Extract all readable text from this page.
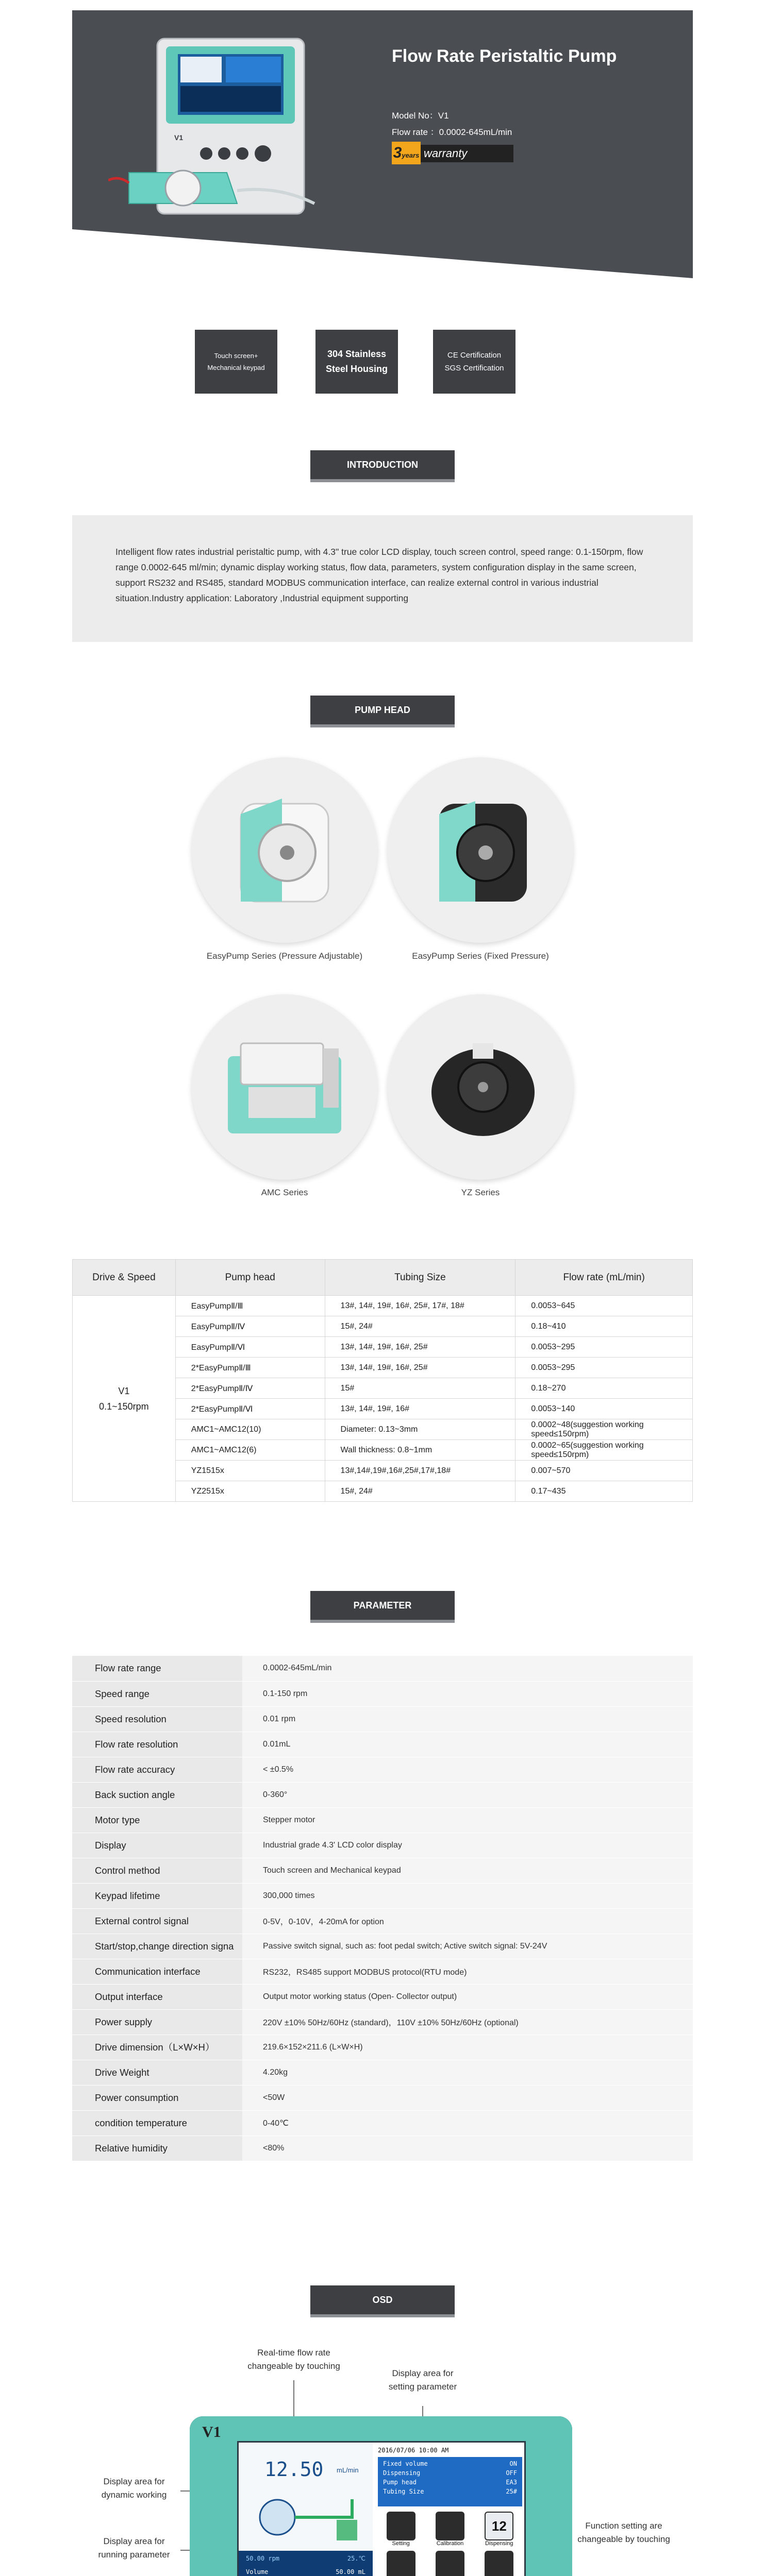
V1
Flow Rate Peristaltic Pump
Model No：V1
Flow rate ：0.0002-645mL/min
3years warranty
Touch screen+
Mechanical keypad
304 Stainless
Steel Housing
CE Certification
SGS Certification
INTRODUCTION
Intelligent flow rates industrial peristaltic pump, with 4.3" true color LCD display, touch screen control, speed range: 0.1-150rpm, flow range 0.0002-645 ml/min; dynamic display working status, flow data, parameters, system configuration display in the same screen, support RS232 and RS485, standard MODBUS communication interface, can realize external control in various industrial situation.Industry application: Laboratory ,Industrial equipment supporting
PUMP HEAD
EasyPump Series (Pressure Adjustable)	EasyPump Series (Fixed Pressure)
AMC Series	YZ Series
Drive & Speed	Pump head	Tubing Size	Flow rate (mL/min)

V1
0.1~150rpm	EasyPumpⅡ/Ⅲ	13#, 14#, 19#, 16#, 25#, 17#, 18#	0.0053~645
	EasyPumpⅡ/Ⅳ	15#, 24#	0.18~410
	EasyPumpⅡ/Ⅵ	13#, 14#, 19#, 16#, 25#	0.0053~295
	2*EasyPumpⅡ/Ⅲ	13#, 14#, 19#, 16#, 25#	0.0053~295
	2*EasyPumpⅡ/Ⅳ	15#	0.18~270
	2*EasyPumpⅡ/Ⅵ	13#, 14#, 19#, 16#	0.0053~140
	AMC1~AMC12(10)	Diameter: 0.13~3mm	0.0002~48(suggestion working speed≤150rpm)
	AMC1~AMC12(6)	Wall thickness: 0.8~1mm	0.0002~65(suggestion working speed≤150rpm)
	YZ1515x	13#,14#,19#,16#,25#,17#,18#	0.007~570
	YZ2515x	15#, 24#	0.17~435
PARAMETER
Flow rate range	0.0002-645mL/min
Speed range	0.1-150 rpm
Speed resolution	0.01 rpm
Flow rate resolution	0.01mL
Flow rate accuracy	< ±0.5%
Back suction angle	0-360°
Motor type	Stepper motor
Display	Industrial grade 4.3' LCD color display
Control method	Touch screen and Mechanical keypad
Keypad lifetime	300,000 times
External control signal	0-5V，0-10V，4-20mA for option
Start/stop,change direction signa	Passive switch signal, such as: foot pedal switch; Active switch signal: 5V-24V
Communication interface	RS232，RS485 support MODBUS protocol(RTU mode)
Output interface	Output motor working status (Open- Collector output)
Power supply	220V ±10% 50Hz/60Hz (standard)，110V ±10% 50Hz/60Hz (optional)
Drive dimension（L×W×H）	219.6×152×211.6 (L×W×H)
Drive Weight	4.20kg
Power consumption	<50W
condition temperature	0-40℃
Relative humidity	<80%
OSD
Real-time flow rate
changeable by touching
Display area for
setting parameter
Display area for
dynamic working
Display area for
running parameter
Function setting are
changeable by touching
V1
12.50 mL/min
50.00 rpm	25.℃
Volume	50.00 mL
2016/07/06 10:00 AM
Fixed volume	ON
Dispensing	OFF
Pump head	EA3
Tubing Size	25#
Setting	Calibration
12
Dispensing
